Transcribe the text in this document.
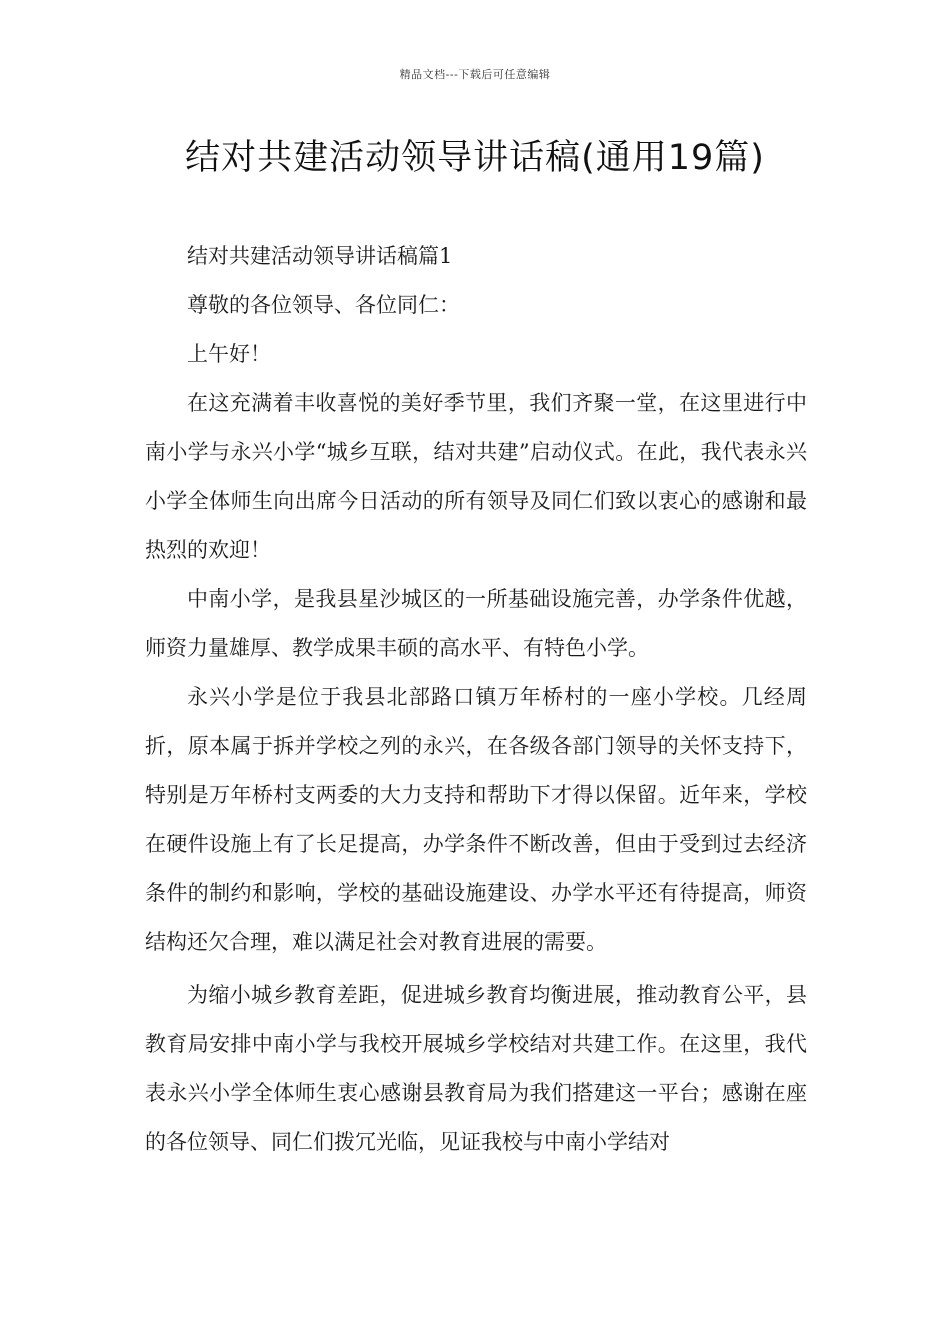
精品文档---下载后可任意编辑
结对共建活动领导讲话稿(通用19篇)

结对共建活动领导讲话稿篇1

尊敬的各位领导、各位同仁：

上午好！

在这充满着丰收喜悦的美好季节里，我们齐聚一堂，在这里进行中南小学与永兴小学“城乡互联，结对共建”启动仪式。在此，我代表永兴小学全体师生向出席今日活动的所有领导及同仁们致以衷心的感谢和最热烈的欢迎！

中南小学，是我县星沙城区的一所基础设施完善，办学条件优越，师资力量雄厚、教学成果丰硕的高水平、有特色小学。

永兴小学是位于我县北部路口镇万年桥村的一座小学校。几经周折，原本属于拆并学校之列的永兴，在各级各部门领导的关怀支持下，特别是万年桥村支两委的大力支持和帮助下才得以保留。近年来，学校在硬件设施上有了长足提高，办学条件不断改善，但由于受到过去经济条件的制约和影响，学校的基础设施建设、办学水平还有待提高，师资结构还欠合理，难以满足社会对教育进展的需要。

为缩小城乡教育差距，促进城乡教育均衡进展，推动教育公平，县教育局安排中南小学与我校开展城乡学校结对共建工作。在这里，我代表永兴小学全体师生衷心感谢县教育局为我们搭建这一平台；感谢在座的各位领导、同仁们拨冗光临，见证我校与中南小学结对
